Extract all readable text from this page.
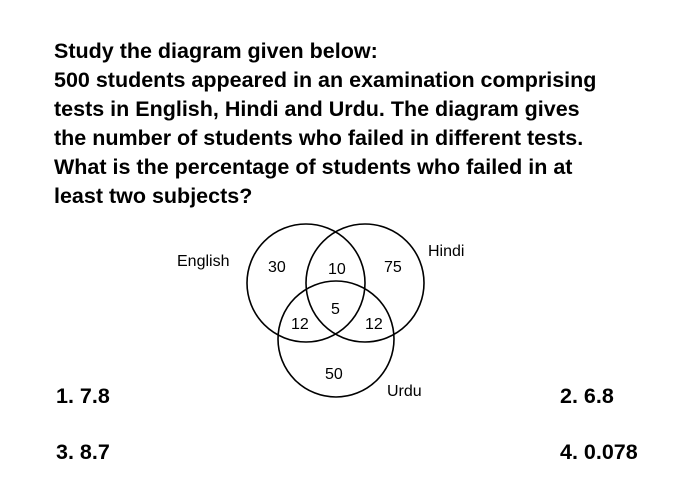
Study the diagram given below:
500 students appeared in an examination comprising
tests in English, Hindi and Urdu. The diagram gives
the number of students who failed in different tests.
What is the percentage of students who failed in at
least two subjects?
English
Hindi
Urdu
30	10 75
5
12	12
50
1. 7.8	2. 6.8
3. 8.7	4. 0.078
